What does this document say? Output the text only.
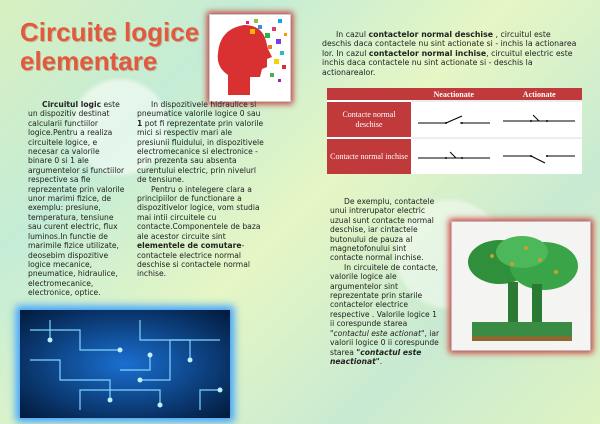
Circuite logice elementare

Circuitul logic este un dispozitiv destinat calcularii functiilor logice.Pentru a realiza circuitele logice, e necesar ca valorile binare 0 si 1 ale argumentelor si functiilor respective sa fie reprezentate prin valorile unor marimi fizice, de exemplu: presiune, temperatura, tensiune sau curent electric, flux luminos.In functie de marimile fizice utilizate, deosebim dispozitive logice mecanice, pneumatice, hidraulice, electromecanice, electronice, optice.

In dispozitivele hidraulice si pneumatice valorile logice 0 sau 1 pot fi reprezentate prin valorile mici si respectiv mari ale presiunii fluidului, in dispozitivele electromecanice si electronice - prin prezenta sau absenta curentului electric, prin nivelurl de tensiune.

Pentru o intelegere clara a principiilor de functionare a dispozitivelor logice, vom studia mai intii circuitele cu contacte.Componentele de baza ale acestor circuite sint elementele de comutare- contactele electrice normal deschise si contactele normal inchise.

In cazul contactelor normal deschise , circuitul este deschis daca contactele nu sint actionate si - inchis la actionarea lor. In cazul contactelor normal inchise, circuitul electric este inchis daca contactele nu sint actionate si - deschis la actionarealor.

	Neactionate	Actionate
Contacte normal deschise		
Contacte normal inchise		

De exemplu, contactele unui intrerupator electric uzual sunt contacte normal deschise, iar cintactele butonului de pauza al magnetofonului sint contacte normal inchise.

In circuitele de contacte, valorile logice ale argumentelor sint reprezentate prin starile contactelor electrice respective . Valorile logice 1 ii corespunde starea "contactul este actionat", iar valorii logice 0 ii corespunde starea "contactul este neactionat".
